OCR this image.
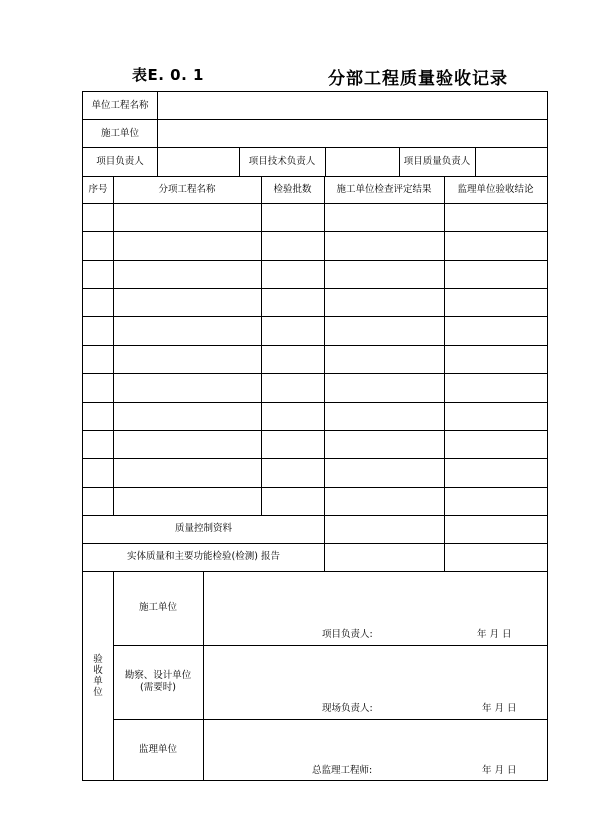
表E. 0. 1	分部工程质量验收记录
单位工程名称
施工单位
项目负责人	项目技术负责人	项目质量负责人
序号	分项工程名称	检验批数	施工单位检查评定结果	监理单位验收结论
质量控制资料
实体质量和主要功能检验(检测) 报告
验
收
单
位
施工单位
项目负责人:	年 月 日
勘察、设计单位
(需要时)
现场负责人:	年 月 日
监理单位
总监理工程师:	年 月 日
